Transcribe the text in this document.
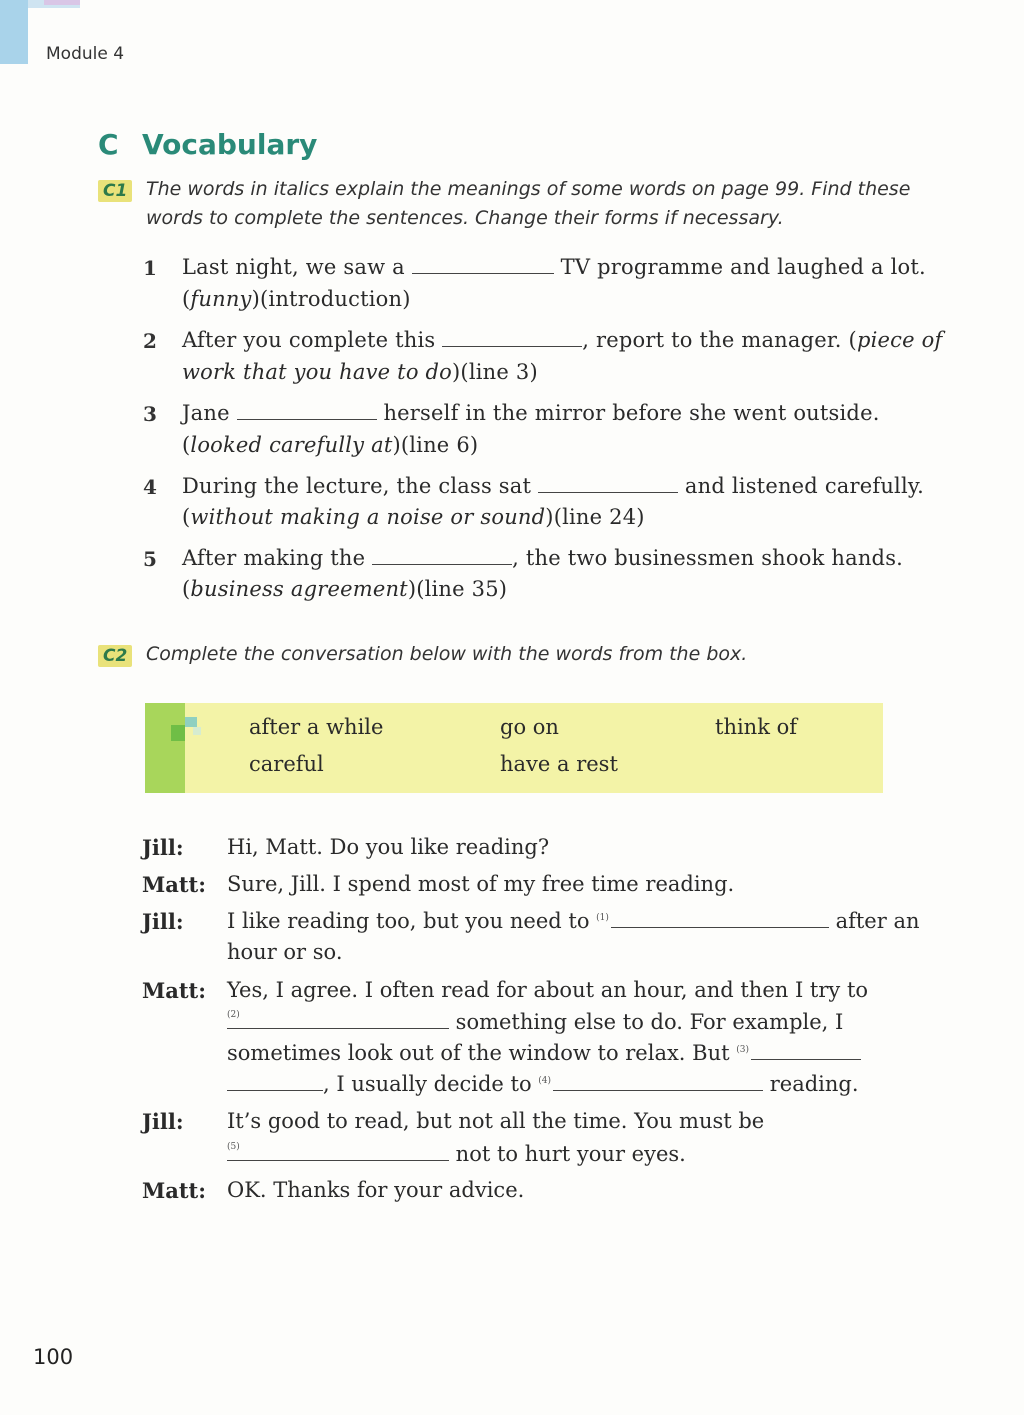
Module 4
C Vocabulary
C1 The words in italics explain the meanings of some words on page 99. Find these
words to complete the sentences. Change their forms if necessary.
1 Last night, we saw a	TV programme and laughed a lot.
(funny)(introduction)
2 After you complete this	, report to the manager. (piece of
work that you have to do)(line 3)
3 Jane	herself in the mirror before she went outside.
(looked carefully at)(line 6)
4 During the lecture, the class sat	and listened carefully.
(without making a noise or sound)(line 24)
5 After making the	, the two businessmen shook hands.
(business agreement)(line 35)
C2 Complete the conversation below with the words from the box.
after a while	go on	think of
careful	have a rest
Jill: Hi, Matt. Do you like reading?
Matt: Sure, Jill. I spend most of my free time reading.
Jill: I like reading too, but you need to $^{(1)}$	after an
hour or so.
Matt: Yes, I agree. I often read for about an hour, and then I try to
(2)	something else to do. For example, I
sometimes look out of the window to relax. But $^{(3)}$
, I usually decide to $^{(4)}$	reading.
Jill: It’s good to read, but not all the time. You must be
(5)	not to hurt your eyes.
Matt: OK. Thanks for your advice.
100
